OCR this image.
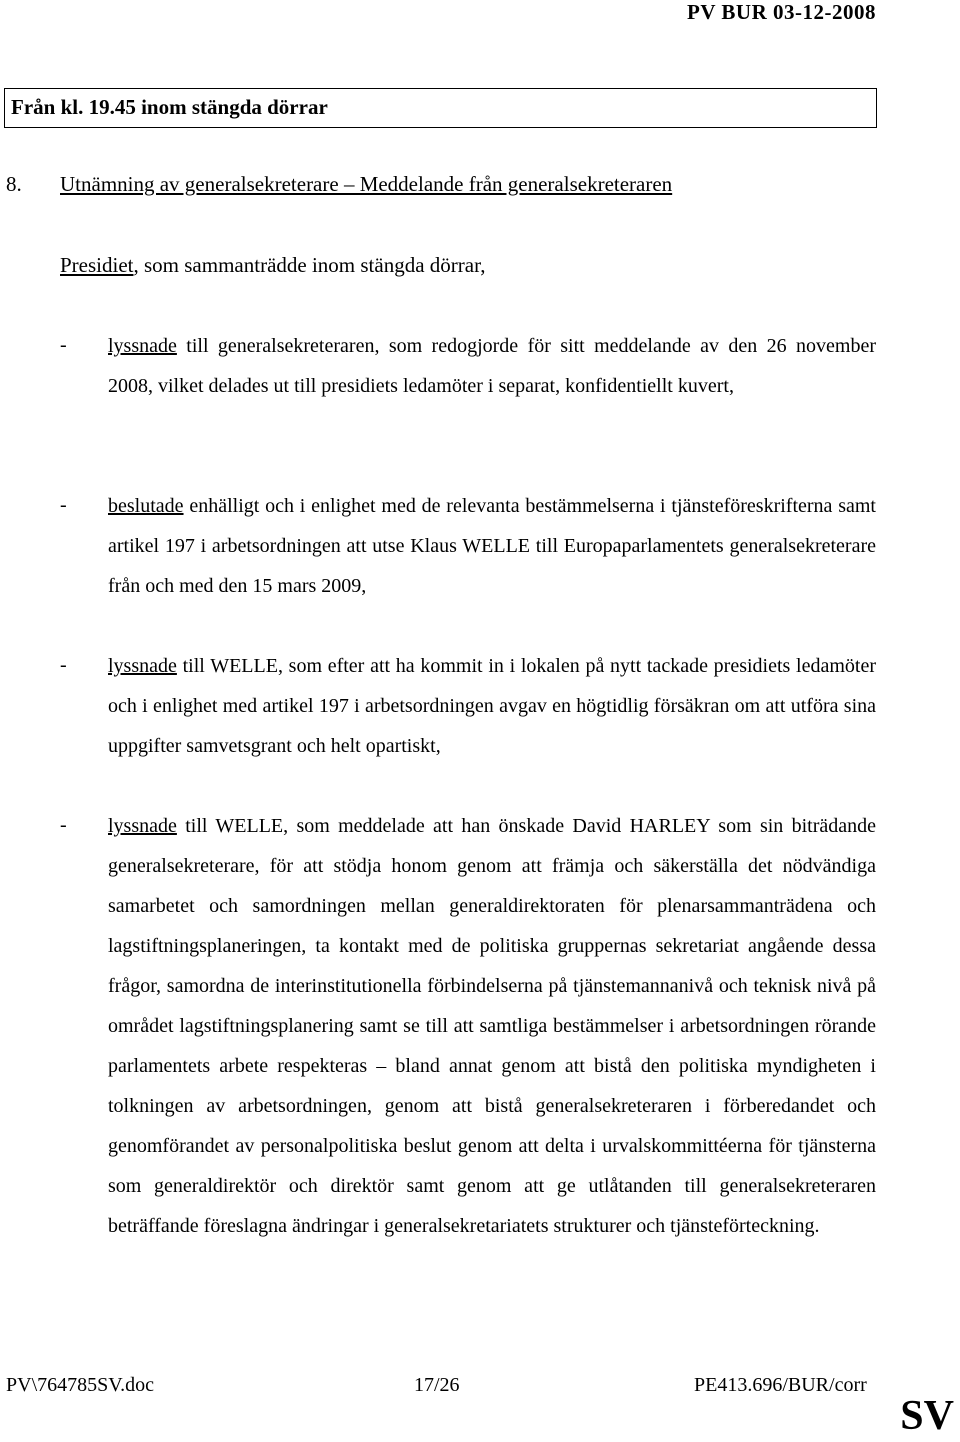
PV BUR 03-12-2008
Från kl. 19.45 inom stängda dörrar
8. Utnämning av generalsekreterare – Meddelande från generalsekreteraren
Presidiet, som sammanträdde inom stängda dörrar,
- lyssnade till generalsekreteraren, som redogjorde för sitt meddelande av den 26 november 2008, vilket delades ut till presidiets ledamöter i separat, konfidentiellt kuvert,
- beslutade enhälligt och i enlighet med de relevanta bestämmelserna i tjänsteföreskrifterna samt artikel 197 i arbetsordningen att utse Klaus WELLE till Europaparlamentets generalsekreterare från och med den 15 mars 2009,
- lyssnade till WELLE, som efter att ha kommit in i lokalen på nytt tackade presidiets ledamöter och i enlighet med artikel 197 i arbetsordningen avgav en högtidlig försäkran om att utföra sina uppgifter samvetsgrant och helt opartiskt,
- lyssnade till WELLE, som meddelade att han önskade David HARLEY som sin biträdande generalsekreterare, för att stödja honom genom att främja och säkerställa det nödvändiga samarbetet och samordningen mellan generaldirektoraten för plenarsammanträdena och lagstiftningsplaneringen, ta kontakt med de politiska gruppernas sekretariat angående dessa frågor, samordna de interinstitutionella förbindelserna på tjänstemannanivå och teknisk nivå på området lagstiftningsplanering samt se till att samtliga bestämmelser i arbetsordningen rörande parlamentets arbete respekteras – bland annat genom att bistå den politiska myndigheten i tolkningen av arbetsordningen, genom att bistå generalsekreteraren i förberedandet och genomförandet av personalpolitiska beslut genom att delta i urvalskommittéerna för tjänsterna som generaldirektör och direktör samt genom att ge utlåtanden till generalsekreteraren beträffande föreslagna ändringar i generalsekretariatets strukturer och tjänsteförteckning.
PV\764785SV.doc	17/26	PE413.696/BUR/corr
SV
